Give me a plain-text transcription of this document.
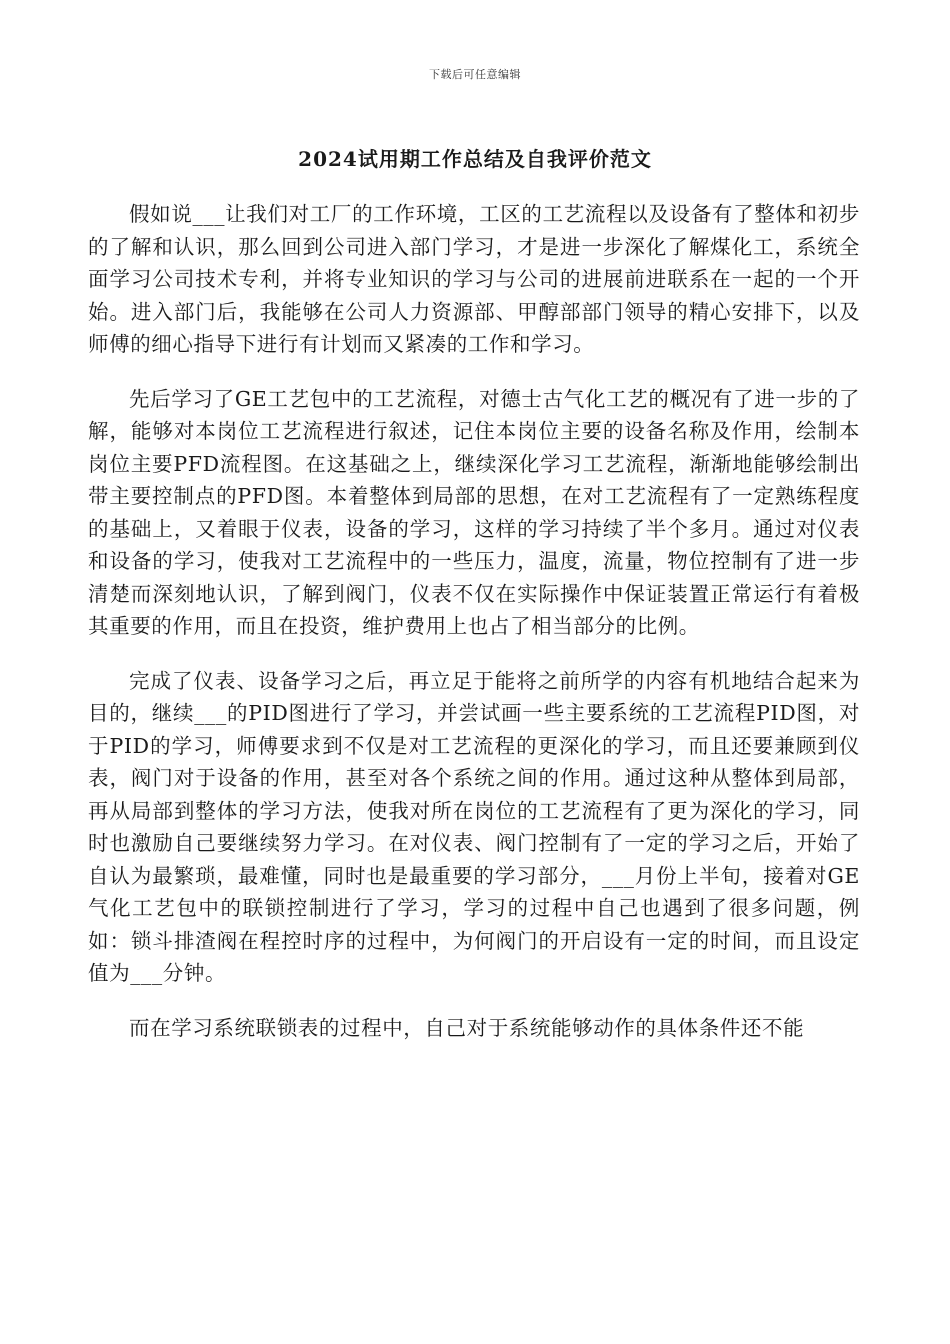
下载后可任意编辑
2024试用期工作总结及自我评价范文

假如说___让我们对工厂的工作环境，工区的工艺流程以及设备有了整体和初步的了解和认识，那么回到公司进入部门学习，才是进一步深化了解煤化工，系统全面学习公司技术专利，并将专业知识的学习与公司的进展前进联系在一起的一个开始。进入部门后，我能够在公司人力资源部、甲醇部部门领导的精心安排下，以及师傅的细心指导下进行有计划而又紧凑的工作和学习。

先后学习了GE工艺包中的工艺流程，对德士古气化工艺的概况有了进一步的了解，能够对本岗位工艺流程进行叙述，记住本岗位主要的设备名称及作用，绘制本岗位主要PFD流程图。在这基础之上，继续深化学习工艺流程，渐渐地能够绘制出带主要控制点的PFD图。本着整体到局部的思想，在对工艺流程有了一定熟练程度的基础上，又着眼于仪表，设备的学习，这样的学习持续了半个多月。通过对仪表和设备的学习，使我对工艺流程中的一些压力，温度，流量，物位控制有了进一步清楚而深刻地认识，了解到阀门，仪表不仅在实际操作中保证装置正常运行有着极其重要的作用，而且在投资，维护费用上也占了相当部分的比例。

完成了仪表、设备学习之后，再立足于能将之前所学的内容有机地结合起来为目的，继续___的PID图进行了学习，并尝试画一些主要系统的工艺流程PID图，对于PID的学习，师傅要求到不仅是对工艺流程的更深化的学习，而且还要兼顾到仪表，阀门对于设备的作用，甚至对各个系统之间的作用。通过这种从整体到局部，再从局部到整体的学习方法，使我对所在岗位的工艺流程有了更为深化的学习，同时也激励自己要继续努力学习。在对仪表、阀门控制有了一定的学习之后，开始了自认为最繁琐，最难懂，同时也是最重要的学习部分，___月份上半旬，接着对GE气化工艺包中的联锁控制进行了学习，学习的过程中自己也遇到了很多问题，例如：锁斗排渣阀在程控时序的过程中，为何阀门的开启设有一定的时间，而且设定值为___分钟。

而在学习系统联锁表的过程中，自己对于系统能够动作的具体条件还不能
